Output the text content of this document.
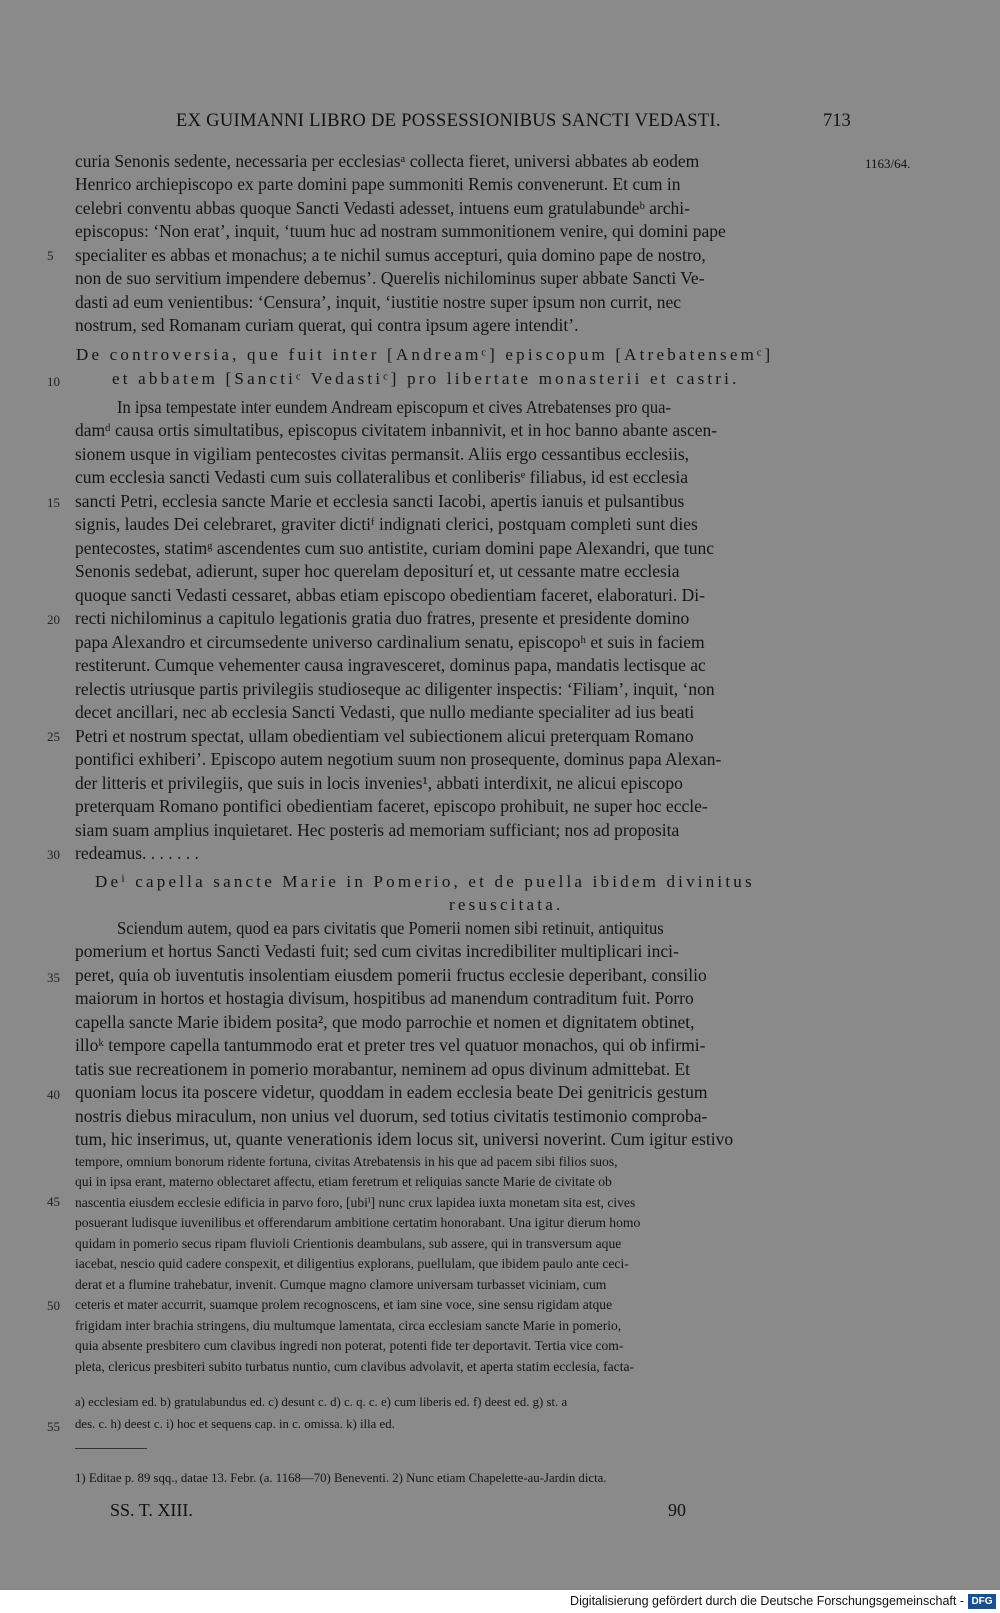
EX GUIMANNI LIBRO DE POSSESSIONIBUS SANCTI VEDASTI.	713
1163/64.
curia Senonis sedente, necessaria per ecclesiasᵃ collecta fieret, universi abbates ab eodem
Henrico archiepiscopo ex parte domini pape summoniti Remis convenerunt. Et cum in
celebri conventu abbas quoque Sancti Vedasti adesset, intuens eum gratulabundeᵇ archi-
episcopus: ‘Non erat’, inquit, ‘tuum huc ad nostram summonitionem venire, qui domini pape
specialiter es abbas et monachus; a te nichil sumus accepturi, quia domino pape de nostro,
non de suo servitium impendere debemus’. Querelis nichilominus super abbate Sancti Ve-
dasti ad eum venientibus: ‘Censura’, inquit, ‘iustitie nostre super ipsum non currit, nec
nostrum, sed Romanam curiam querat, qui contra ipsum agere intendit’.
De controversia, que fuit inter [Andreamᶜ] episcopum [Atrebatensemᶜ]
et abbatem [Sanctiᶜ Vedastiᶜ] pro libertate monasterii et castri.
In ipsa tempestate inter eundem Andream episcopum et cives Atrebatenses pro qua-
damᵈ causa ortis simultatibus, episcopus civitatem inbannivit, et in hoc banno abante ascen-
sionem usque in vigiliam pentecostes civitas permansit. Aliis ergo cessantibus ecclesiis,
cum ecclesia sancti Vedasti cum suis collateralibus et conliberisᵉ filiabus, id est ecclesia
sancti Petri, ecclesia sancte Marie et ecclesia sancti Iacobi, apertis ianuis et pulsantibus
signis, laudes Dei celebraret, graviter dictiᶠ indignati clerici, postquam completi sunt dies
pentecostes, statimᵍ ascendentes cum suo antistite, curiam domini pape Alexandri, que tunc
Senonis sedebat, adierunt, super hoc querelam depositurí et, ut cessante matre ecclesia
quoque sancti Vedasti cessaret, abbas etiam episcopo obedientiam faceret, elaboraturi. Di-
recti nichilominus a capitulo legationis gratia duo fratres, presente et presidente domino
papa Alexandro et circumsedente universo cardinalium senatu, episcopoʰ et suis in faciem
restiterunt. Cumque vehementer causa ingravesceret, dominus papa, mandatis lectisque ac
relectis utriusque partis privilegiis studioseque ac diligenter inspectis: ‘Filiam’, inquit, ‘non
decet ancillari, nec ab ecclesia Sancti Vedasti, que nullo mediante specialiter ad ius beati
Petri et nostrum spectat, ullam obedientiam vel subiectionem alicui preterquam Romano
pontifici exhiberi’. Episcopo autem negotium suum non prosequente, dominus papa Alexan-
der litteris et privilegiis, que suis in locis invenies¹, abbati interdixit, ne alicui episcopo
preterquam Romano pontifici obedientiam faceret, episcopo prohibuit, ne super hoc eccle-
siam suam amplius inquietaret. Hec posteris ad memoriam sufficiant; nos ad proposita
redeamus. . . . . . .
Deⁱ capella sancte Marie in Pomerio, et de puella ibidem divinitus
resuscitata.
Sciendum autem, quod ea pars civitatis que Pomerii nomen sibi retinuit, antiquitus
pomerium et hortus Sancti Vedasti fuit; sed cum civitas incredibiliter multiplicari inci-
peret, quia ob iuventutis insolentiam eiusdem pomerii fructus ecclesie deperibant, consilio
maiorum in hortos et hostagia divisum, hospitibus ad manendum contraditum fuit. Porro
capella sancte Marie ibidem posita², que modo parrochie et nomen et dignitatem obtinet,
illoᵏ tempore capella tantummodo erat et preter tres vel quatuor monachos, qui ob infirmi-
tatis sue recreationem in pomerio morabantur, neminem ad opus divinum admittebat. Et
quoniam locus ita poscere videtur, quoddam in eadem ecclesia beate Dei genitricis gestum
nostris diebus miraculum, non unius vel duorum, sed totius civitatis testimonio comproba-
tum, hic inserimus, ut, quante venerationis idem locus sit, universi noverint. Cum igitur estivo
tempore, omnium bonorum ridente fortuna, civitas Atrebatensis in his que ad pacem sibi filios suos,
qui in ipsa erant, materno oblectaret affectu, etiam feretrum et reliquias sancte Marie de civitate ob
nascentia eiusdem ecclesie edificia in parvo foro, [ubiⁱ] nunc crux lapidea iuxta monetam sita est, cives
posuerant ludisque iuvenilibus et offerendarum ambitione certatim honorabant. Una igitur dierum homo
quidam in pomerio secus ripam fluvioli Crientionis deambulans, sub assere, qui in transversum aque
iacebat, nescio quid cadere conspexit, et diligentius explorans, puellulam, que ibidem paulo ante ceci-
derat et a flumine trahebatur, invenit. Cumque magno clamore universam turbasset viciniam, cum
ceteris et mater accurrit, suamque prolem recognoscens, et iam sine voce, sine sensu rigidam atque
frigidam inter brachia stringens, diu multumque lamentata, circa ecclesiam sancte Marie in pomerio,
quia absente presbitero cum clavibus ingredi non poterat, potenti fide ter deportavit. Tertia vice com-
pleta, clericus presbiteri subito turbatus nuntio, cum clavibus advolavit, et aperta statim ecclesia, facta-
5
10
15
20
25
30
35
40
45
50
55
a) ecclesiam ed. b) gratulabundus ed. c) desunt c. d) c. q. c. e) cum liberis ed. f) deest ed. g) st. a
des. c. h) deest c. i) hoc et sequens cap. in c. omissa. k) illa ed.
1) Editae p. 89 sqq., datae 13. Febr. (a. 1168—70) Beneventi. 2) Nunc etiam Chapelette-au-Jardin dicta.
SS. T. XIII.	90
Digitalisierung gefördert durch die Deutsche Forschungsgemeinschaft - DFG
